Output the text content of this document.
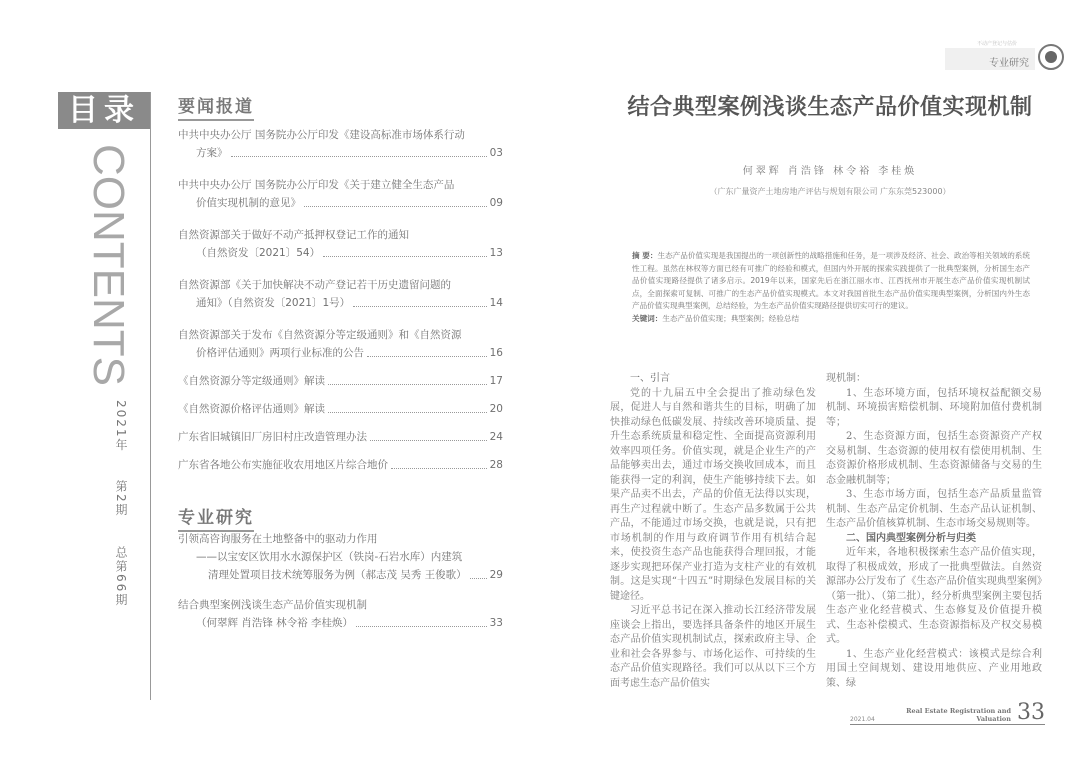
目录
CONTENTS
2021年 第2期 总第66期
要闻报道
中共中央办公厅 国务院办公厅印发《建设高标准市场体系行动
方案》	03
中共中央办公厅 国务院办公厅印发《关于建立健全生态产品
价值实现机制的意见》	09
自然资源部关于做好不动产抵押权登记工作的通知
（自然资发〔2021〕54）	13
自然资源部《关于加快解决不动产登记若干历史遗留问题的
通知》（自然资发〔2021〕1号）	14
自然资源部关于发布《自然资源分等定级通则》和《自然资源
价格评估通则》两项行业标准的公告	16
《自然资源分等定级通则》解读	17
《自然资源价格评估通则》解读	20
广东省旧城镇旧厂房旧村庄改造管理办法	24
广东省各地公布实施征收农用地区片综合地价	28
专业研究
引领高咨询服务在土地整备中的驱动力作用
——以宝安区饮用水水源保护区（铁岗-石岩水库）内建筑
清理处置项目技术统筹服务为例（郝志茂 吴秀 王俊歌） 29
结合典型案例浅谈生态产品价值实现机制
（何翠辉 肖浩锋 林令裕 李桂焕）	33
不动产登记与估价
专业研究
结合典型案例浅谈生态产品价值实现机制
何翠辉 肖浩锋 林令裕 李桂焕
（广东广量资产土地房地产评估与规划有限公司 广东东莞523000）
摘 要：生态产品价值实现是我国提出的一项创新性的战略措施和任务，是一项涉及经济、社会、政治等相关领域的系统性工程。虽然在林权等方面已经有可推广的经验和模式，但国内外开展的探索实践提供了一批典型案例，分析国生态产品价值实现路径提供了诸多启示。2019年以来，国家先后在浙江丽水市、江西抚州市开展生态产品价值实现机制试点，全面探索可复制、可推广的生态产品价值实现模式。本文对我国首批生态产品价值实现典型案例，分析国内外生态产品价值实现典型案例，总结经验，为生态产品价值实现路径提供切实可行的建议。
关键词：生态产品价值实现；典型案例；经验总结
一、引言

党的十九届五中全会提出了推动绿色发展，促进人与自然和谐共生的目标，明确了加快推动绿色低碳发展、持续改善环境质量、提升生态系统质量和稳定性、全面提高资源利用效率四项任务。价值实现，就是企业生产的产品能够卖出去，通过市场交换收回成本，而且能获得一定的利润，使生产能够持续下去。如果产品卖不出去，产品的价值无法得以实现，再生产过程就中断了。生态产品多数属于公共产品，不能通过市场交换，也就是说，只有把市场机制的作用与政府调节作用有机结合起来，使投资生态产品也能获得合理回报，才能逐步实现把环保产业打造为支柱产业的有效机制。这是实现“十四五”时期绿色发展目标的关键途径。

习近平总书记在深入推动长江经济带发展座谈会上指出，要选择具备条件的地区开展生态产品价值实现机制试点，探索政府主导、企业和社会各界参与、市场化运作、可持续的生态产品价值实现路径。我们可以从以下三个方面考虑生态产品价值实

现机制：

1、生态环境方面，包括环境权益配额交易机制、环境损害赔偿机制、环境附加值付费机制等；

2、生态资源方面，包括生态资源资产产权交易机制、生态资源的使用权有偿使用机制、生态资源价格形成机制、生态资源储备与交易的生态金融机制等；

3、生态市场方面，包括生态产品质量监管机制、生态产品定价机制、生态产品认证机制、生态产品价值核算机制、生态市场交易规则等。

二、国内典型案例分析与归类

近年来，各地积极探索生态产品价值实现，取得了积极成效，形成了一批典型做法。自然资源部办公厅发布了《生态产品价值实现典型案例》（第一批）、（第二批），经分析典型案例主要包括生态产业化经营模式、生态修复及价值提升模式、生态补偿模式、生态资源指标及产权交易模式。

1、生态产业化经营模式：该模式是综合利用国土空间规划、建设用地供应、产业用地政策、绿

2021.04
Real Estate Registration and Valuation 33
